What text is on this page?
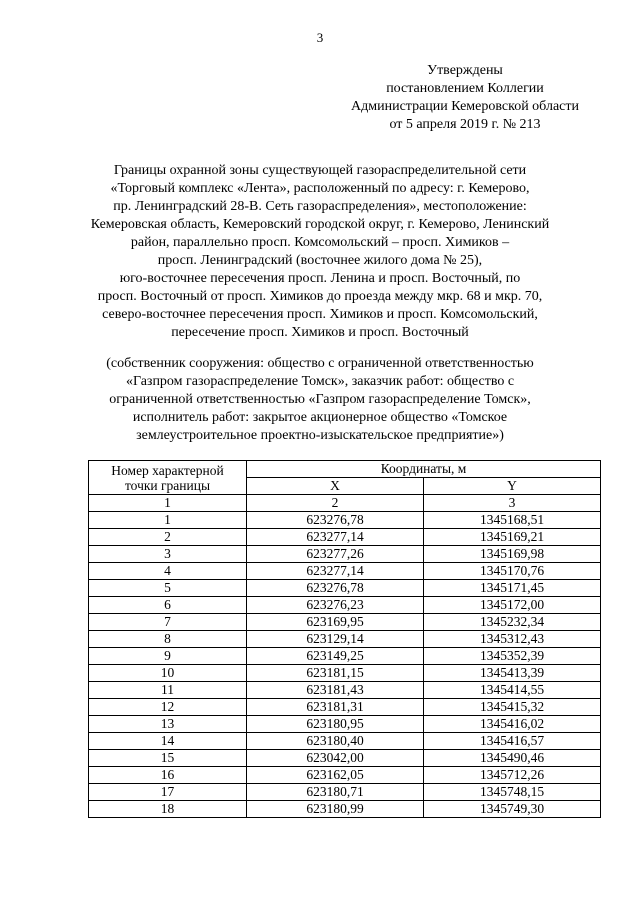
3
Утверждены
постановлением Коллегии
Администрации Кемеровской области
от 5 апреля 2019 г. № 213
Границы охранной зоны существующей газораспределительной сети
«Торговый комплекс «Лента», расположенный по адресу: г. Кемерово,
пр. Ленинградский 28-В. Сеть газораспределения», местоположение:
Кемеровская область, Кемеровский городской округ, г. Кемерово, Ленинский
район, параллельно просп. Комсомольский – просп. Химиков –
просп. Ленинградский (восточнее жилого дома № 25),
юго-восточнее пересечения просп. Ленина и просп. Восточный, по
просп. Восточный от просп. Химиков до проезда между мкр. 68 и мкр. 70,
северо-восточнее пересечения просп. Химиков и просп. Комсомольский,
пересечение просп. Химиков и просп. Восточный
(собственник сооружения: общество с ограниченной ответственностью
«Газпром газораспределение Томск», заказчик работ: общество с
ограниченной ответственностью «Газпром газораспределение Томск»,
исполнитель работ: закрытое акционерное общество «Томское
землеустроительное проектно-изыскательское предприятие»)
Номер характерной
точки границы	Координаты, м	
	X	Y
1	2	3
1	623276,78	1345168,51
2	623277,14	1345169,21
3	623277,26	1345169,98
4	623277,14	1345170,76
5	623276,78	1345171,45
6	623276,23	1345172,00
7	623169,95	1345232,34
8	623129,14	1345312,43
9	623149,25	1345352,39
10	623181,15	1345413,39
11	623181,43	1345414,55
12	623181,31	1345415,32
13	623180,95	1345416,02
14	623180,40	1345416,57
15	623042,00	1345490,46
16	623162,05	1345712,26
17	623180,71	1345748,15
18	623180,99	1345749,30
